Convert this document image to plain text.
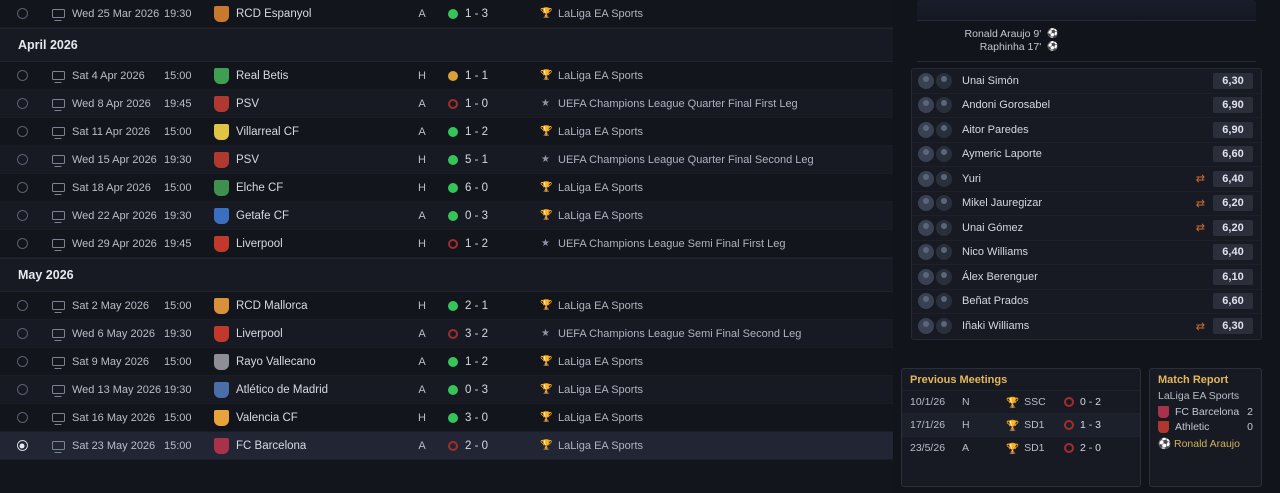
Wed 25 Mar 2026 19:30	RCD Espanyol	A	1 - 3	🏆 LaLiga EA Sports
April 2026
Sat 4 Apr 2026	15:00	Real Betis	H	1 - 1	🏆 LaLiga EA Sports
Wed 8 Apr 2026	19:45	PSV	A	1 - 0	★ UEFA Champions League Quarter Final First Leg
Sat 11 Apr 2026	15:00	Villarreal CF	A	1 - 2	🏆 LaLiga EA Sports
Wed 15 Apr 2026 19:30	PSV	H	5 - 1	★ UEFA Champions League Quarter Final Second Leg
Sat 18 Apr 2026	15:00	Elche CF	H	6 - 0	🏆 LaLiga EA Sports
Wed 22 Apr 2026 19:30	Getafe CF	A	0 - 3	🏆 LaLiga EA Sports
Wed 29 Apr 2026 19:45	Liverpool	H	1 - 2	★ UEFA Champions League Semi Final First Leg
May 2026
Sat 2 May 2026	15:00	RCD Mallorca	H	2 - 1	🏆 LaLiga EA Sports
Wed 6 May 2026 19:30	Liverpool	A	3 - 2	★ UEFA Champions League Semi Final Second Leg
Sat 9 May 2026	15:00	Rayo Vallecano	A	1 - 2	🏆 LaLiga EA Sports
Wed 13 May 2026 19:30	Atlético de Madrid	A	0 - 3	🏆 LaLiga EA Sports
Sat 16 May 2026 15:00	Valencia CF	H	3 - 0	🏆 LaLiga EA Sports
Sat 23 May 2026 15:00	FC Barcelona	A	2 - 0	🏆 LaLiga EA Sports
Ronald Araujo 9' ⚽
Raphinha 17' ⚽
Unai Simón	6,30
Andoni Gorosabel	6,90
Aitor Paredes	6,90
Aymeric Laporte	6,60
Yuri	⇄	6,40
Mikel Jauregizar	⇄	6,20
Unai Gómez	⇄	6,20
Nico Williams	6,40
Álex Berenguer	6,10
Beñat Prados	6,60
Iñaki Williams	⇄	6,30
Previous Meetings
10/1/26	N	🏆 SSC	0 - 2
17/1/26	H	🏆 SD1	1 - 3
23/5/26	A	🏆 SD1	2 - 0
Match Report
LaLiga EA Sports
FC Barcelona 2
Athletic	0
⚽ Ronald Araujo
